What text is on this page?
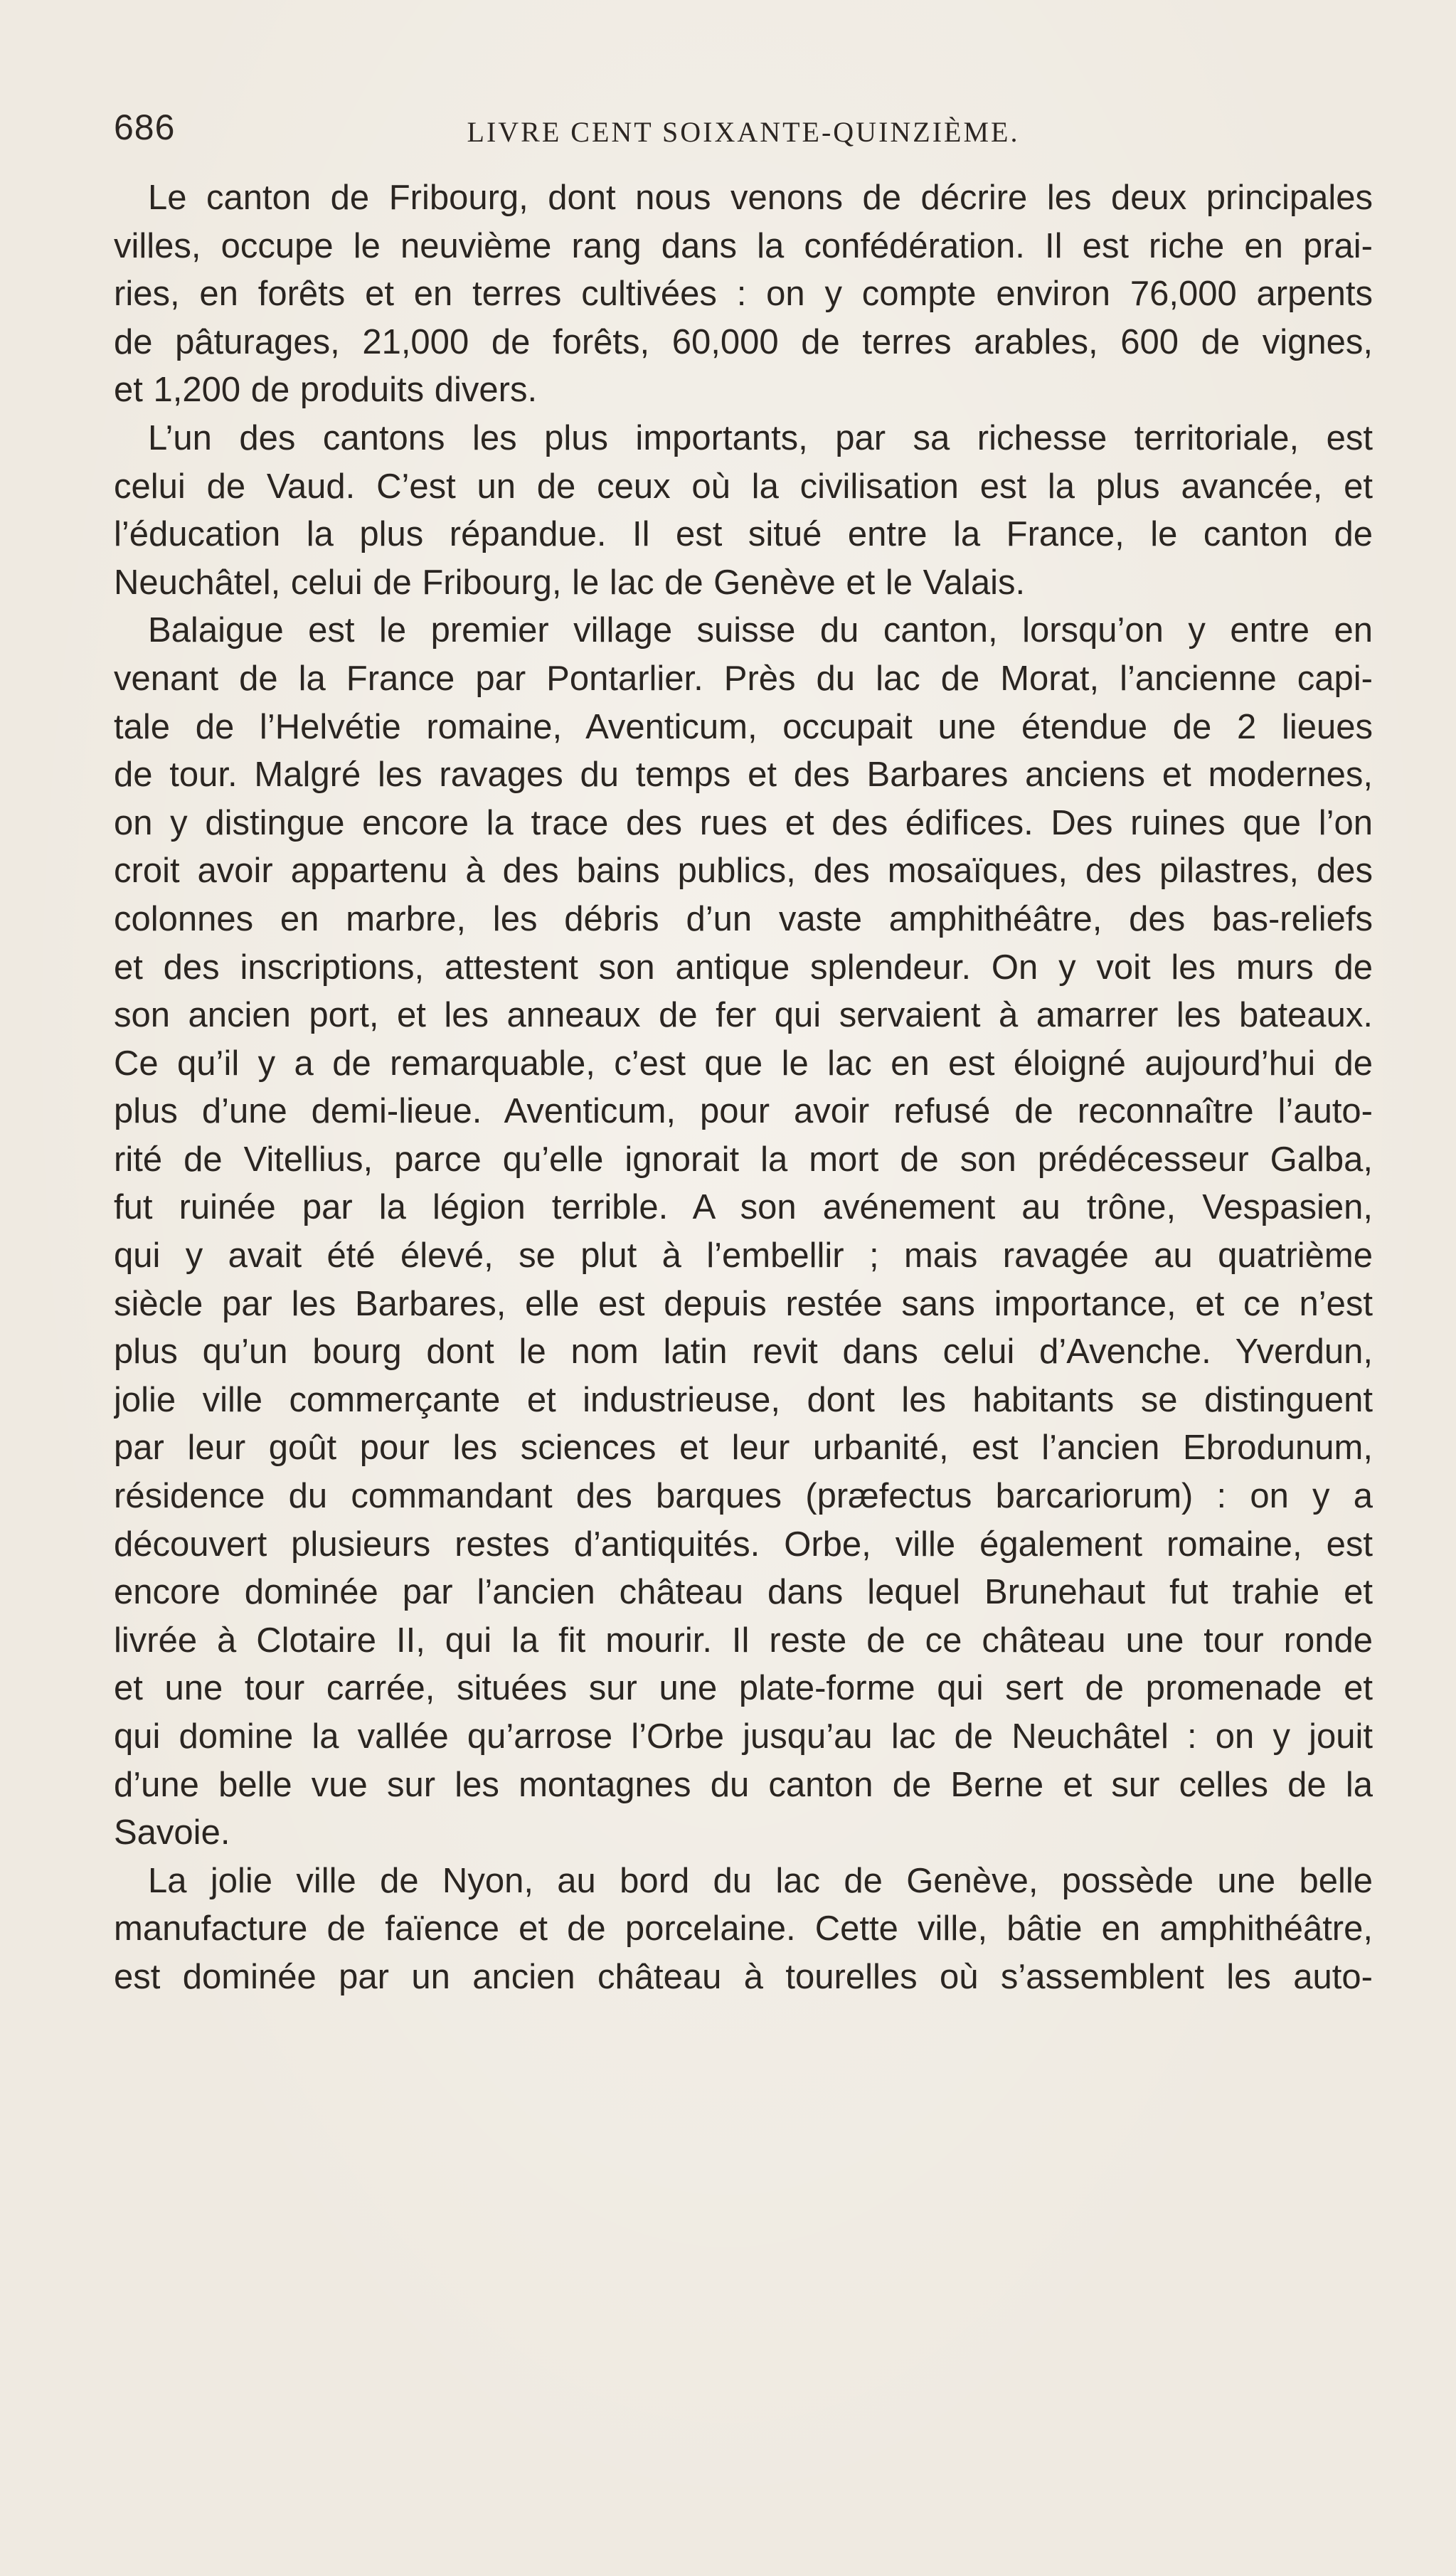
686	LIVRE CENT SOIXANTE-QUINZIÈME.
Le canton de Fribourg, dont nous venons de décrire les deux principales
villes, occupe le neuvième rang dans la confédération. Il est riche en prai-
ries, en forêts et en terres cultivées : on y compte environ 76,000 arpents
de pâturages, 21,000 de forêts, 60,000 de terres arables, 600 de vignes,
et 1,200 de produits divers.
L’un des cantons les plus importants, par sa richesse territoriale, est
celui de Vaud. C’est un de ceux où la civilisation est la plus avancée, et
l’éducation la plus répandue. Il est situé entre la France, le canton de
Neuchâtel, celui de Fribourg, le lac de Genève et le Valais.
Balaigue est le premier village suisse du canton, lorsqu’on y entre en
venant de la France par Pontarlier. Près du lac de Morat, l’ancienne capi-
tale de l’Helvétie romaine, Aventicum, occupait une étendue de 2 lieues
de tour. Malgré les ravages du temps et des Barbares anciens et modernes,
on y distingue encore la trace des rues et des édifices. Des ruines que l’on
croit avoir appartenu à des bains publics, des mosaïques, des pilastres, des
colonnes en marbre, les débris d’un vaste amphithéâtre, des bas-reliefs
et des inscriptions, attestent son antique splendeur. On y voit les murs de
son ancien port, et les anneaux de fer qui servaient à amarrer les bateaux.
Ce qu’il y a de remarquable, c’est que le lac en est éloigné aujourd’hui de
plus d’une demi-lieue. Aventicum, pour avoir refusé de reconnaître l’auto-
rité de Vitellius, parce qu’elle ignorait la mort de son prédécesseur Galba,
fut ruinée par la légion terrible. A son avénement au trône, Vespasien,
qui y avait été élevé, se plut à l’embellir ; mais ravagée au quatrième
siècle par les Barbares, elle est depuis restée sans importance, et ce n’est
plus qu’un bourg dont le nom latin revit dans celui d’Avenche. Yverdun,
jolie ville commerçante et industrieuse, dont les habitants se distinguent
par leur goût pour les sciences et leur urbanité, est l’ancien Ebrodunum,
résidence du commandant des barques (præfectus barcariorum) : on y a
découvert plusieurs restes d’antiquités. Orbe, ville également romaine, est
encore dominée par l’ancien château dans lequel Brunehaut fut trahie et
livrée à Clotaire II, qui la fit mourir. Il reste de ce château une tour ronde
et une tour carrée, situées sur une plate-forme qui sert de promenade et
qui domine la vallée qu’arrose l’Orbe jusqu’au lac de Neuchâtel : on y jouit
d’une belle vue sur les montagnes du canton de Berne et sur celles de la
Savoie.
La jolie ville de Nyon, au bord du lac de Genève, possède une belle
manufacture de faïence et de porcelaine. Cette ville, bâtie en amphithéâtre,
est dominée par un ancien château à tourelles où s’assemblent les auto-
